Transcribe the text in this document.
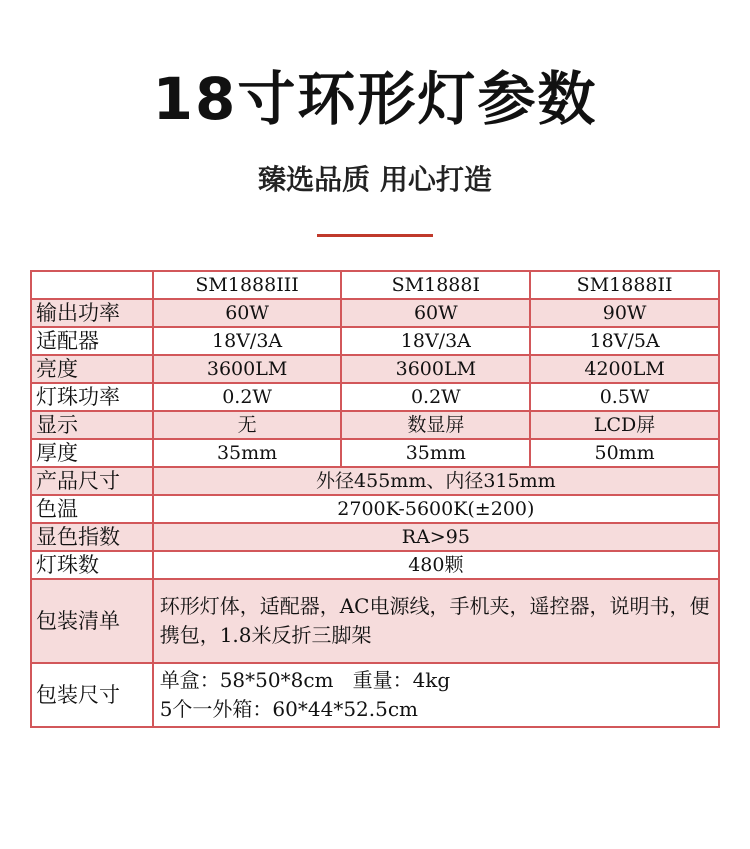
18寸环形灯参数
臻选品质 用心打造
	SM1888III	SM1888I	SM1888II
输出功率	60W	60W	90W
适配器	18V/3A	18V/3A	18V/5A
亮度	3600LM	3600LM	4200LM
灯珠功率	0.2W	0.2W	0.5W
显示	无	数显屏	LCD屏
厚度	35mm	35mm	50mm
产品尺寸	外径455mm、内径315mm		
色温	2700K-5600K(±200)		
显色指数	RA>95		
灯珠数	480颗		
包装清单	环形灯体，适配器，AC电源线，手机夹，遥控器，说明书，便携包，1.8米反折三脚架		
包装尺寸	单盒：58*50*8cm   重量：4kg
5个一外箱：60*44*52.5cm		
